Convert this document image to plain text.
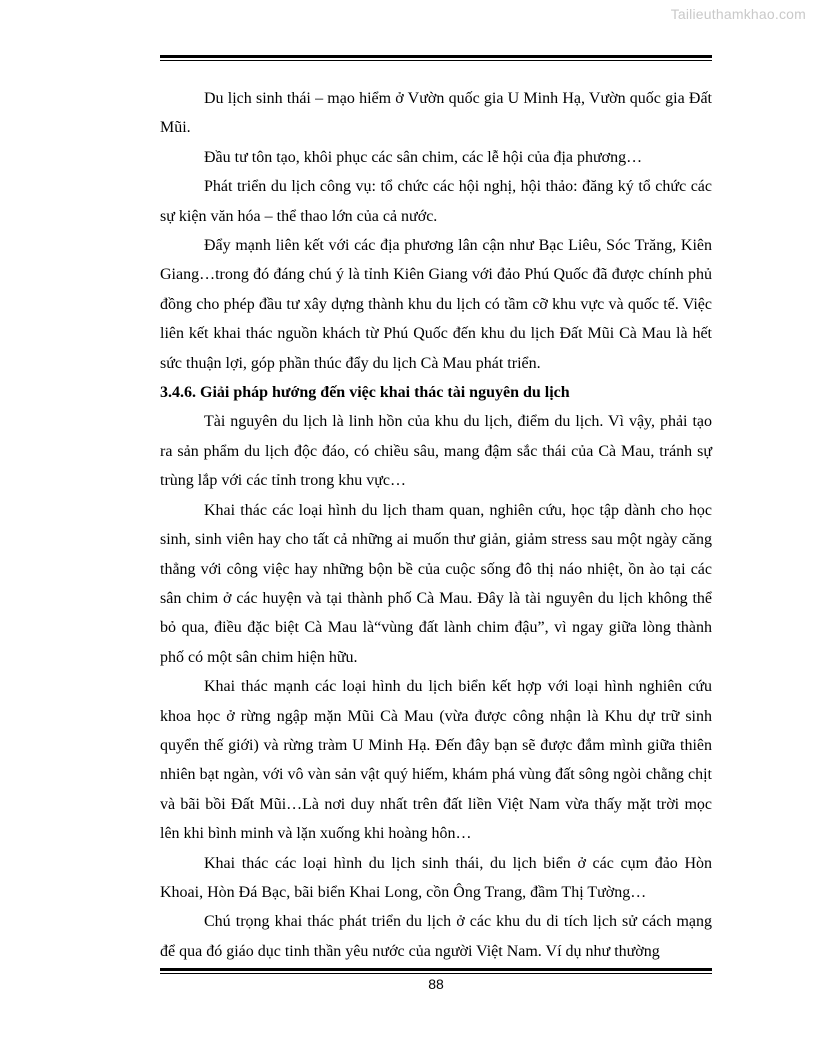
Tailieuthamkhao.com

Du lịch sinh thái – mạo hiểm ở Vườn quốc gia U Minh Hạ, Vườn quốc gia Đất Mũi.

Đầu tư tôn tạo, khôi phục các sân chim, các lễ hội của địa phương…

Phát triển du lịch công vụ: tổ chức các hội nghị, hội thảo: đăng ký tổ chức các sự kiện văn hóa – thể thao lớn của cả nước.

Đẩy mạnh liên kết với các địa phương lân cận như Bạc Liêu, Sóc Trăng, Kiên Giang…trong đó đáng chú ý là tỉnh Kiên Giang với đảo Phú Quốc đã được chính phủ đồng cho phép đầu tư xây dựng thành khu du lịch có tầm cỡ khu vực và quốc tế. Việc liên kết khai thác nguồn khách từ Phú Quốc đến khu du lịch Đất Mũi Cà Mau là hết sức thuận lợi, góp phần thúc đẩy du lịch Cà Mau phát triển.

3.4.6. Giải pháp hướng đến việc khai thác tài nguyên du lịch

Tài nguyên du lịch là linh hồn của khu du lịch, điểm du lịch. Vì vậy, phải tạo ra sản phẩm du lịch độc đáo, có chiều sâu, mang đậm sắc thái của Cà Mau, tránh sự trùng lắp với các tỉnh trong khu vực…

Khai thác các loại hình du lịch tham quan, nghiên cứu, học tập dành cho học sinh, sinh viên hay cho tất cả những ai muốn thư giản, giảm stress sau một ngày căng thẳng với công việc hay những bộn bề của cuộc sống đô thị náo nhiệt, ồn ào tại các sân chim ở các huyện và tại thành phố Cà Mau. Đây là tài nguyên du lịch không thể bỏ qua, điều đặc biệt Cà Mau là“vùng đất lành chim đậu”, vì ngay giữa lòng thành phố có một sân chim hiện hữu.

Khai thác mạnh các loại hình du lịch biển kết hợp với loại hình nghiên cứu khoa học ở rừng ngập mặn Mũi Cà Mau (vừa được công nhận là Khu dự trữ sinh quyển thế giới) và rừng tràm U Minh Hạ. Đến đây bạn sẽ được đắm mình giữa thiên nhiên bạt ngàn, với vô vàn sản vật quý hiếm, khám phá vùng đất sông ngòi chằng chịt và bãi bồi Đất Mũi…Là nơi duy nhất trên đất liền Việt Nam vừa thấy mặt trời mọc lên khi bình minh và lặn xuống khi hoàng hôn…

Khai thác các loại hình du lịch sinh thái, du lịch biển ở các cụm đảo Hòn Khoai, Hòn Đá Bạc, bãi biển Khai Long, cồn Ông Trang, đầm Thị Tường…

Chú trọng khai thác phát triển du lịch ở các khu du di tích lịch sử cách mạng để qua đó giáo dục tinh thần yêu nước của người Việt Nam. Ví dụ như thường

88
